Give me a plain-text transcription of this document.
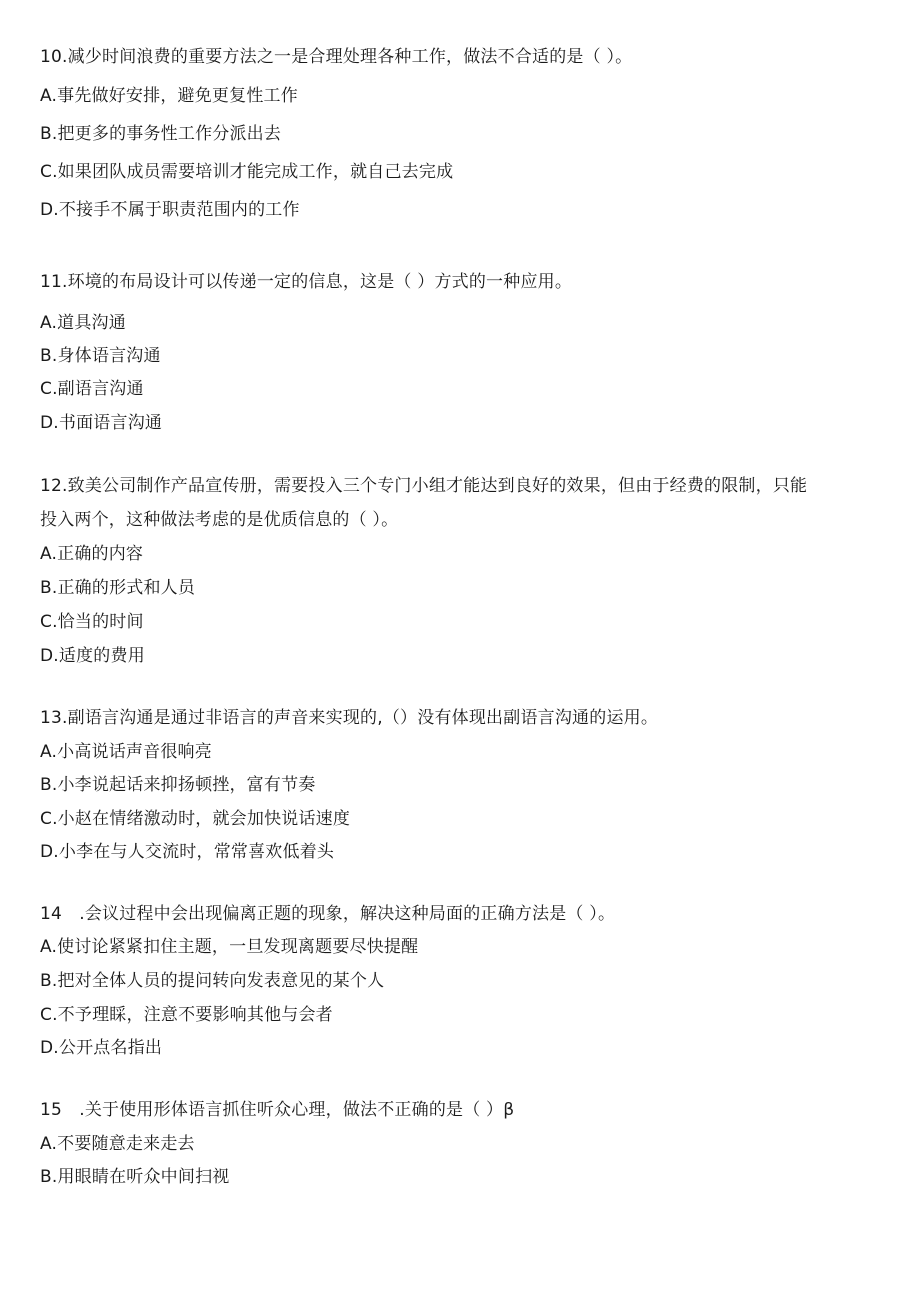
10.减少时间浪费的重要方法之一是合理处理各种工作，做法不合适的是（ ）。
A.事先做好安排，避免更复性工作
B.把更多的事务性工作分派出去
C.如果团队成员需要培训才能完成工作，就自己去完成
D.不接手不属于职责范围内的工作
11.环境的布局设计可以传递一定的信息，这是（ ）方式的一种应用。
A.道具沟通
B.身体语言沟通
C.副语言沟通
D.书面语言沟通
12.致美公司制作产品宣传册，需要投入三个专门小组才能达到良好的效果，但由于经费的限制，只能
投入两个，这种做法考虑的是优质信息的（ ）。
A.正确的内容
B.正确的形式和人员
C.恰当的时间
D.适度的费用
13.副语言沟通是通过非语言的声音来实现的,（）没有体现出副语言沟通的运用。
A.小高说话声音很响亮
B.小李说起话来抑扬顿挫，富有节奏
C.小赵在情绪激动时，就会加快说话速度
D.小李在与人交流时，常常喜欢低着头
14　.会议过程中会出现偏离正题的现象，解决这种局面的正确方法是（ ）。
A.使讨论紧紧扣住主题，一旦发现离题要尽快提醒
B.把对全体人员的提问转向发表意见的某个人
C.不予理睬，注意不要影响其他与会者
D.公开点名指出
15　.关于使用形体语言抓住听众心理，做法不正确的是（ ）β
A.不要随意走来走去
B.用眼睛在听众中间扫视
